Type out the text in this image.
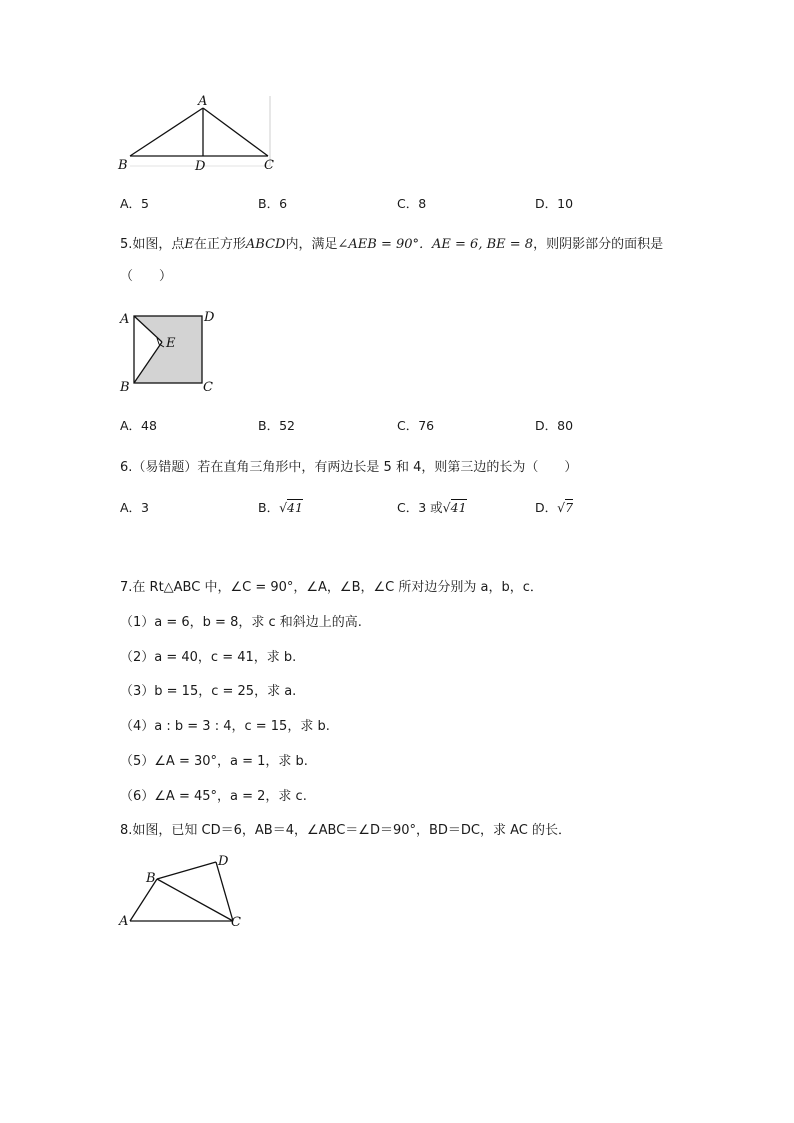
A
B	D	C
A．5	B．6	C．8	D．10
5.如图，点E在正方形ABCD内，满足∠AEB = 90°．AE = 6, BE = 8，则阴影部分的面积是
（　　）
A	D
E
B	C
A．48	B．52	C．76	D．80
6.（易错题）若在直角三角形中，有两边长是 5 和 4，则第三边的长为（　　）
A．3	B．√41	C．3 或√41	D．√7
7.在 Rt△ABC 中，∠C = 90°，∠A，∠B，∠C 所对边分别为 a，b，c．
（1）a = 6，b = 8，求 c 和斜边上的高.
（2）a = 40，c = 41，求 b.
（3）b = 15，c = 25，求 a.
（4）a : b = 3 : 4，c = 15，求 b.
（5）∠A = 30°，a = 1，求 b.
（6）∠A = 45°，a = 2，求 c.
8.如图，已知 CD＝6，AB＝4，∠ABC＝∠D＝90°，BD＝DC，求 AC 的长．
B
D
A	C
